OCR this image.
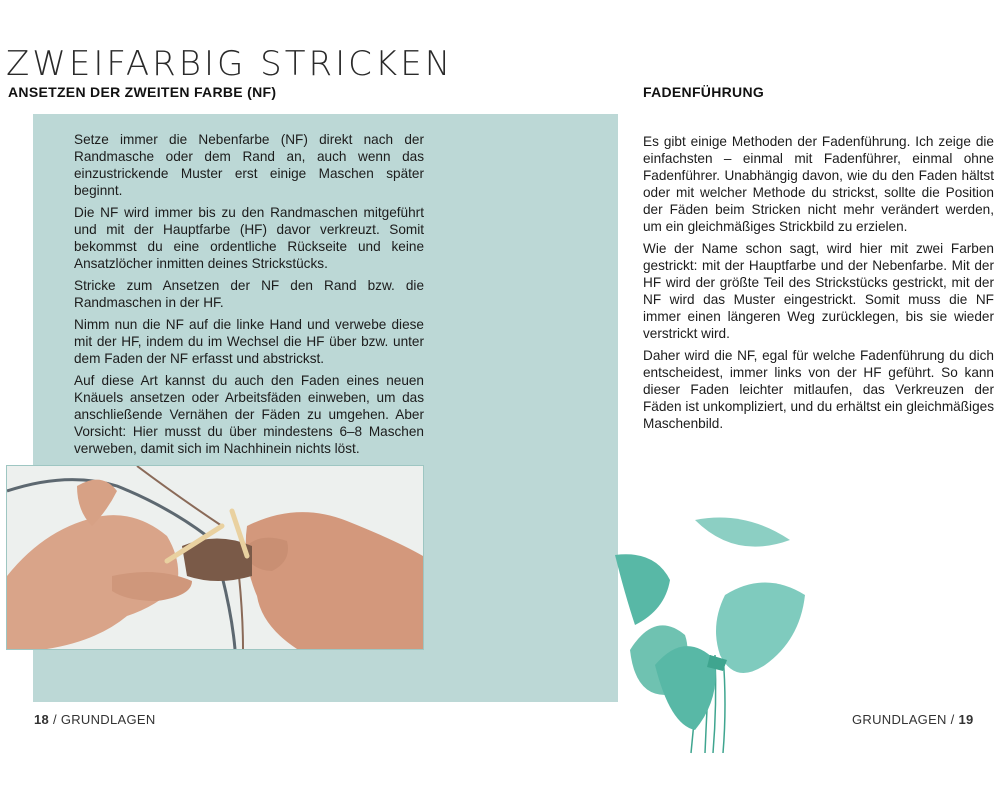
ZWEIFARBIG STRICKEN
ANSETZEN DER ZWEITEN FARBE (NF)

Setze immer die Nebenfarbe (NF) direkt nach der Randmasche oder dem Rand an, auch wenn das einzustrickende Muster erst einige Maschen später beginnt.

Die NF wird immer bis zu den Randmaschen mitgeführt und mit der Hauptfarbe (HF) davor verkreuzt. Somit bekommst du eine ordentliche Rückseite und keine Ansatzlöcher inmitten deines Strickstücks.

Stricke zum Ansetzen der NF den Rand bzw. die Randmaschen in der HF.

Nimm nun die NF auf die linke Hand und verwebe diese mit der HF, indem du im Wechsel die HF über bzw. unter dem Faden der NF erfasst und abstrickst.

Auf diese Art kannst du auch den Faden eines neuen Knäuels ansetzen oder Arbeitsfäden einweben, um das anschließende Vernähen der Fäden zu umgehen. Aber Vorsicht: Hier musst du über mindestens 6–8 Maschen verweben, damit sich im Nachhinein nichts löst.

FADENFÜHRUNG

Es gibt einige Methoden der Fadenführung. Ich zeige die einfachsten – einmal mit Fadenführer, einmal ohne Fadenführer. Unabhängig davon, wie du den Faden hältst oder mit welcher Methode du strickst, sollte die Position der Fäden beim Stricken nicht mehr verändert werden, um ein gleichmäßiges Strickbild zu erzielen.

Wie der Name schon sagt, wird hier mit zwei Farben gestrickt: mit der Hauptfarbe und der Nebenfarbe. Mit der HF wird der größte Teil des Strickstücks gestrickt, mit der NF wird das Muster eingestrickt. Somit muss die NF immer einen längeren Weg zurücklegen, bis sie wieder verstrickt wird.

Daher wird die NF, egal für welche Fadenführung du dich entscheidest, immer links von der HF geführt. So kann dieser Faden leichter mitlaufen, das Verkreuzen der Fäden ist unkompliziert, und du erhältst ein gleichmäßiges Maschenbild.

18 / GRUNDLAGEN	GRUNDLAGEN / 19
